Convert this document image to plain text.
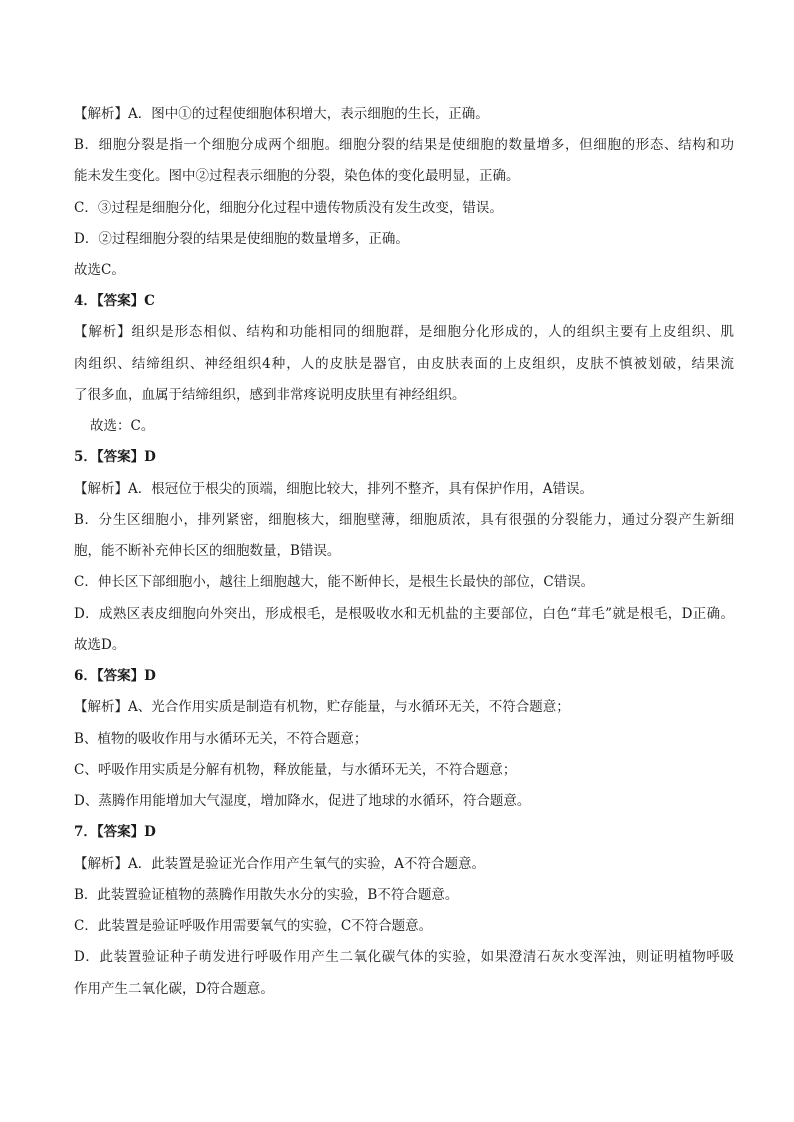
【解析】A．图中①的过程使细胞体积增大，表示细胞的生长，正确。
B．细胞分裂是指一个细胞分成两个细胞。细胞分裂的结果是使细胞的数量增多，但细胞的形态、结构和功
能未发生变化。图中②过程表示细胞的分裂，染色体的变化最明显，正确。
C．③过程是细胞分化，细胞分化过程中遗传物质没有发生改变，错误。
D．②过程细胞分裂的结果是使细胞的数量增多，正确。
故选C。
4．【答案】C
【解析】组织是形态相似、结构和功能相同的细胞群，是细胞分化形成的，人的组织主要有上皮组织、肌
肉组织、结缔组织、神经组织4种，人的皮肤是器官，由皮肤表面的上皮组织，皮肤不慎被划破，结果流
了很多血，血属于结缔组织，感到非常疼说明皮肤里有神经组织。
故选：C。
5．【答案】D
【解析】A．根冠位于根尖的顶端，细胞比较大，排列不整齐，具有保护作用，A错误。
B．分生区细胞小，排列紧密，细胞核大，细胞壁薄，细胞质浓，具有很强的分裂能力，通过分裂产生新细
胞，能不断补充伸长区的细胞数量，B错误。
C．伸长区下部细胞小，越往上细胞越大，能不断伸长，是根生长最快的部位，C错误。
D．成熟区表皮细胞向外突出，形成根毛，是根吸收水和无机盐的主要部位，白色“茸毛”就是根毛，D正确。
故选D。
6．【答案】D
【解析】A、光合作用实质是制造有机物，贮存能量，与水循环无关，不符合题意；
B、植物的吸收作用与水循环无关，不符合题意；
C、呼吸作用实质是分解有机物，释放能量，与水循环无关，不符合题意；
D、蒸腾作用能增加大气湿度，增加降水，促进了地球的水循环，符合题意。
7．【答案】D
【解析】A．此装置是验证光合作用产生氧气的实验，A不符合题意。
B．此装置验证植物的蒸腾作用散失水分的实验，B不符合题意。
C．此装置是验证呼吸作用需要氧气的实验，C不符合题意。
D．此装置验证种子萌发进行呼吸作用产生二氧化碳气体的实验，如果澄清石灰水变浑浊，则证明植物呼吸
作用产生二氧化碳，D符合题意。
